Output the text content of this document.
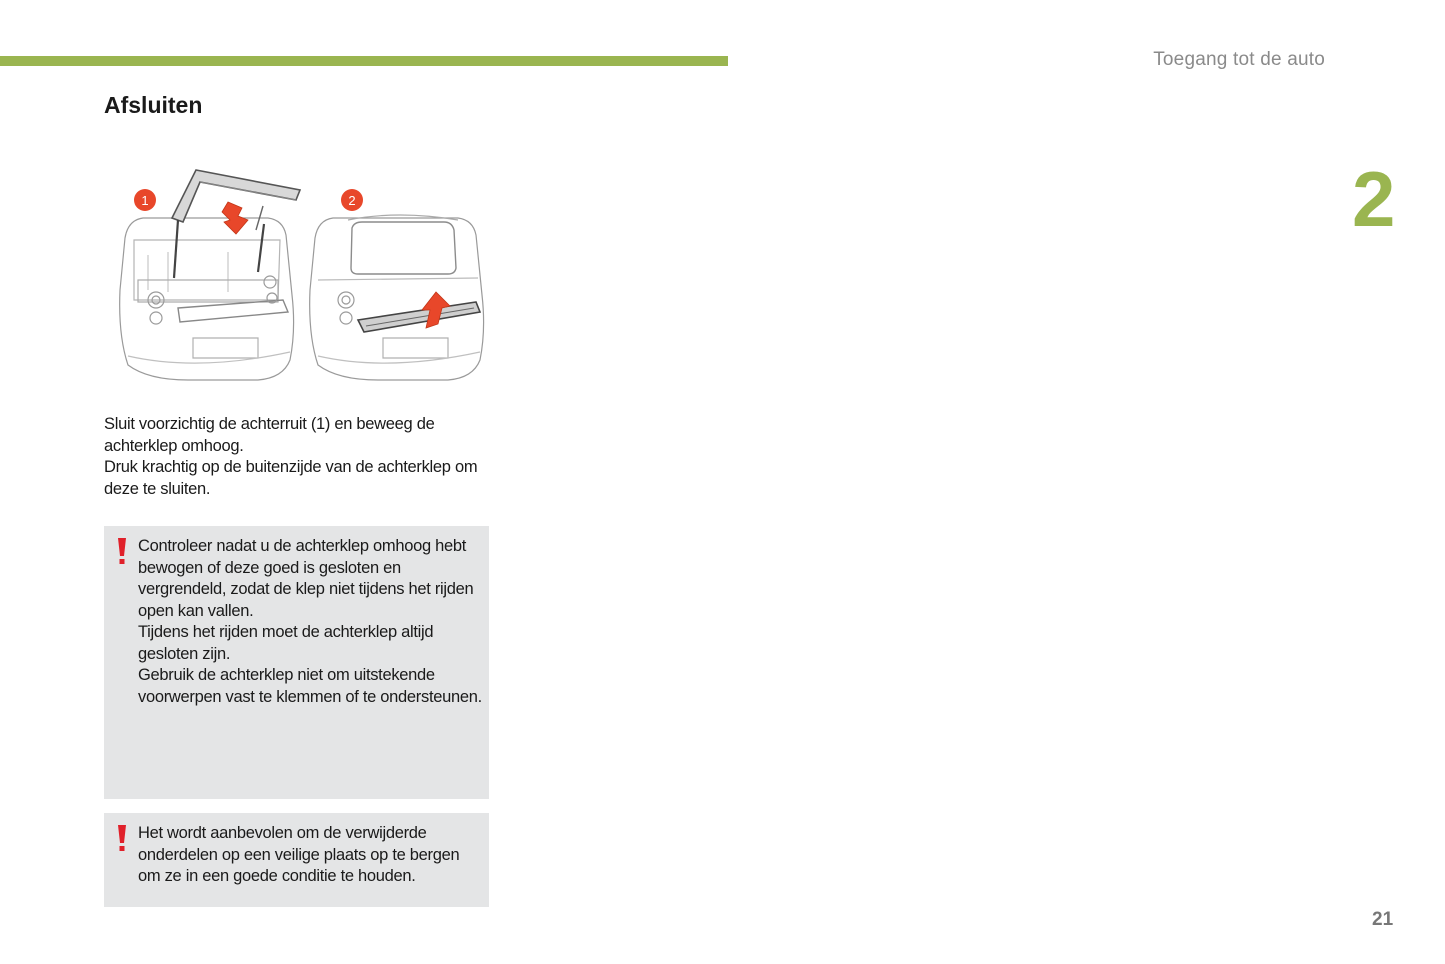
Toegang tot de auto
2
Afsluiten
1	2

Sluit voorzichtig de achterruit (1) en beweeg de achterklep omhoog.

Druk krachtig op de buitenzijde van de achterklep om deze te sluiten.

Controleer nadat u de achterklep omhoog hebt bewogen of deze goed is gesloten en vergrendeld, zodat de klep niet tijdens het rijden open kan vallen.

Tijdens het rijden moet de achterklep altijd gesloten zijn.

Gebruik de achterklep niet om uitstekende voorwerpen vast te klemmen of te ondersteunen.

Het wordt aanbevolen om de verwijderde onderdelen op een veilige plaats op te bergen om ze in een goede conditie te houden.

21
